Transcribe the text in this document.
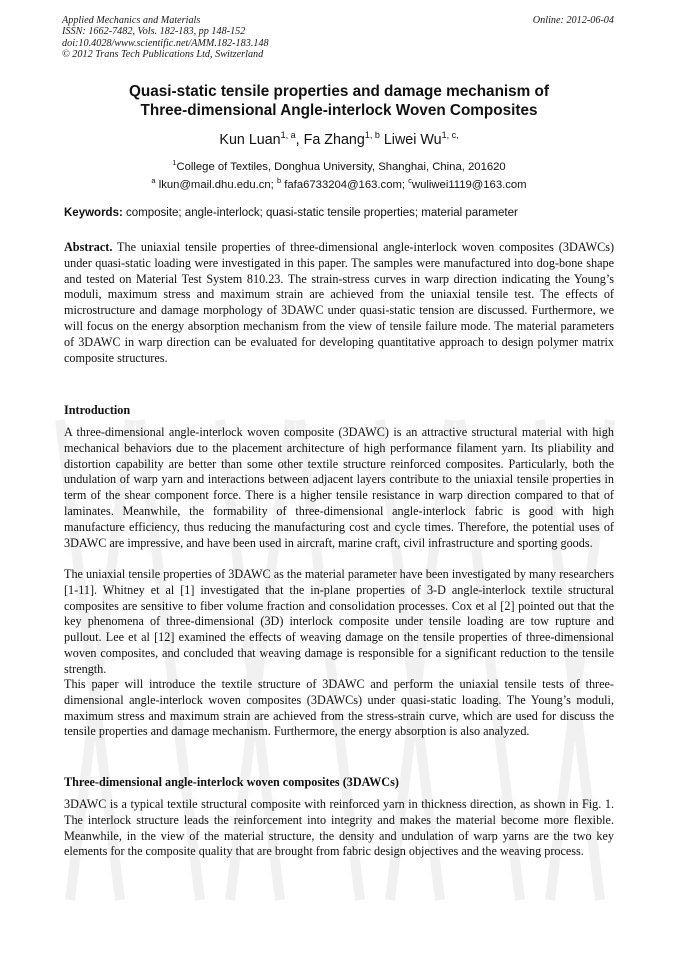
Applied Mechanics and Materials
ISSN: 1662-7482, Vols. 182-183, pp 148-152
doi:10.4028/www.scientific.net/AMM.182-183.148
© 2012 Trans Tech Publications Ltd, Switzerland
Online: 2012-06-04
Quasi-static tensile properties and damage mechanism of
Three-dimensional Angle-interlock Woven Composites
Kun Luan$^{1, a}$, Fa Zhang$^{1, b}$ Liwei $Wu^{1, c,}$
$^1$College of Textiles, Donghua University, Shanghai, China, 201620
$^a$ lkun@mail.dhu.edu.cn; $^b$ fafa6733204@163.com; $^c$wuliwei1119@163.com
Keywords: composite; angle-interlock; quasi-static tensile properties; material parameter

Abstract. The uniaxial tensile properties of three-dimensional angle-interlock woven composites (3DAWCs) under quasi-static loading were investigated in this paper. The samples were manufactured into dog-bone shape and tested on Material Test System 810.23. The strain-stress curves in warp direction indicating the Young’s moduli, maximum stress and maximum strain are achieved from the uniaxial tensile test. The effects of microstructure and damage morphology of 3DAWC under quasi-static tension are discussed. Furthermore, we will focus on the energy absorption mechanism from the view of tensile failure mode. The material parameters of 3DAWC in warp direction can be evaluated for developing quantitative approach to design polymer matrix composite structures.

Introduction

A three-dimensional angle-interlock woven composite (3DAWC) is an attractive structural material with high mechanical behaviors due to the placement architecture of high performance filament yarn. Its pliability and distortion capability are better than some other textile structure reinforced composites. Particularly, both the undulation of warp yarn and interactions between adjacent layers contribute to the uniaxial tensile properties in term of the shear component force. There is a higher tensile resistance in warp direction compared to that of laminates. Meanwhile, the formability of three-dimensional angle-interlock fabric is good with high manufacture efficiency, thus reducing the manufacturing cost and cycle times. Therefore, the potential uses of 3DAWC are impressive, and have been used in aircraft, marine craft, civil infrastructure and sporting goods.

The uniaxial tensile properties of 3DAWC as the material parameter have been investigated by many researchers [1-11]. Whitney et al [1] investigated that the in-plane properties of 3-D angle-interlock textile structural composites are sensitive to fiber volume fraction and consolidation processes. Cox et al [2] pointed out that the key phenomena of three-dimensional (3D) interlock composite under tensile loading are tow rupture and pullout. Lee et al [12] examined the effects of weaving damage on the tensile properties of three-dimensional woven composites, and concluded that weaving damage is responsible for a significant reduction to the tensile strength.

This paper will introduce the textile structure of 3DAWC and perform the uniaxial tensile tests of three-dimensional angle-interlock woven composites (3DAWCs) under quasi-static loading. The Young’s moduli, maximum stress and maximum strain are achieved from the stress-strain curve, which are used for discuss the tensile properties and damage mechanism. Furthermore, the energy absorption is also analyzed.

Three-dimensional angle-interlock woven composites (3DAWCs)

3DAWC is a typical textile structural composite with reinforced yarn in thickness direction, as shown in Fig. 1. The interlock structure leads the reinforcement into integrity and makes the material become more flexible. Meanwhile, in the view of the material structure, the density and undulation of warp yarns are the two key elements for the composite quality that are brought from fabric design objectives and the weaving process.
